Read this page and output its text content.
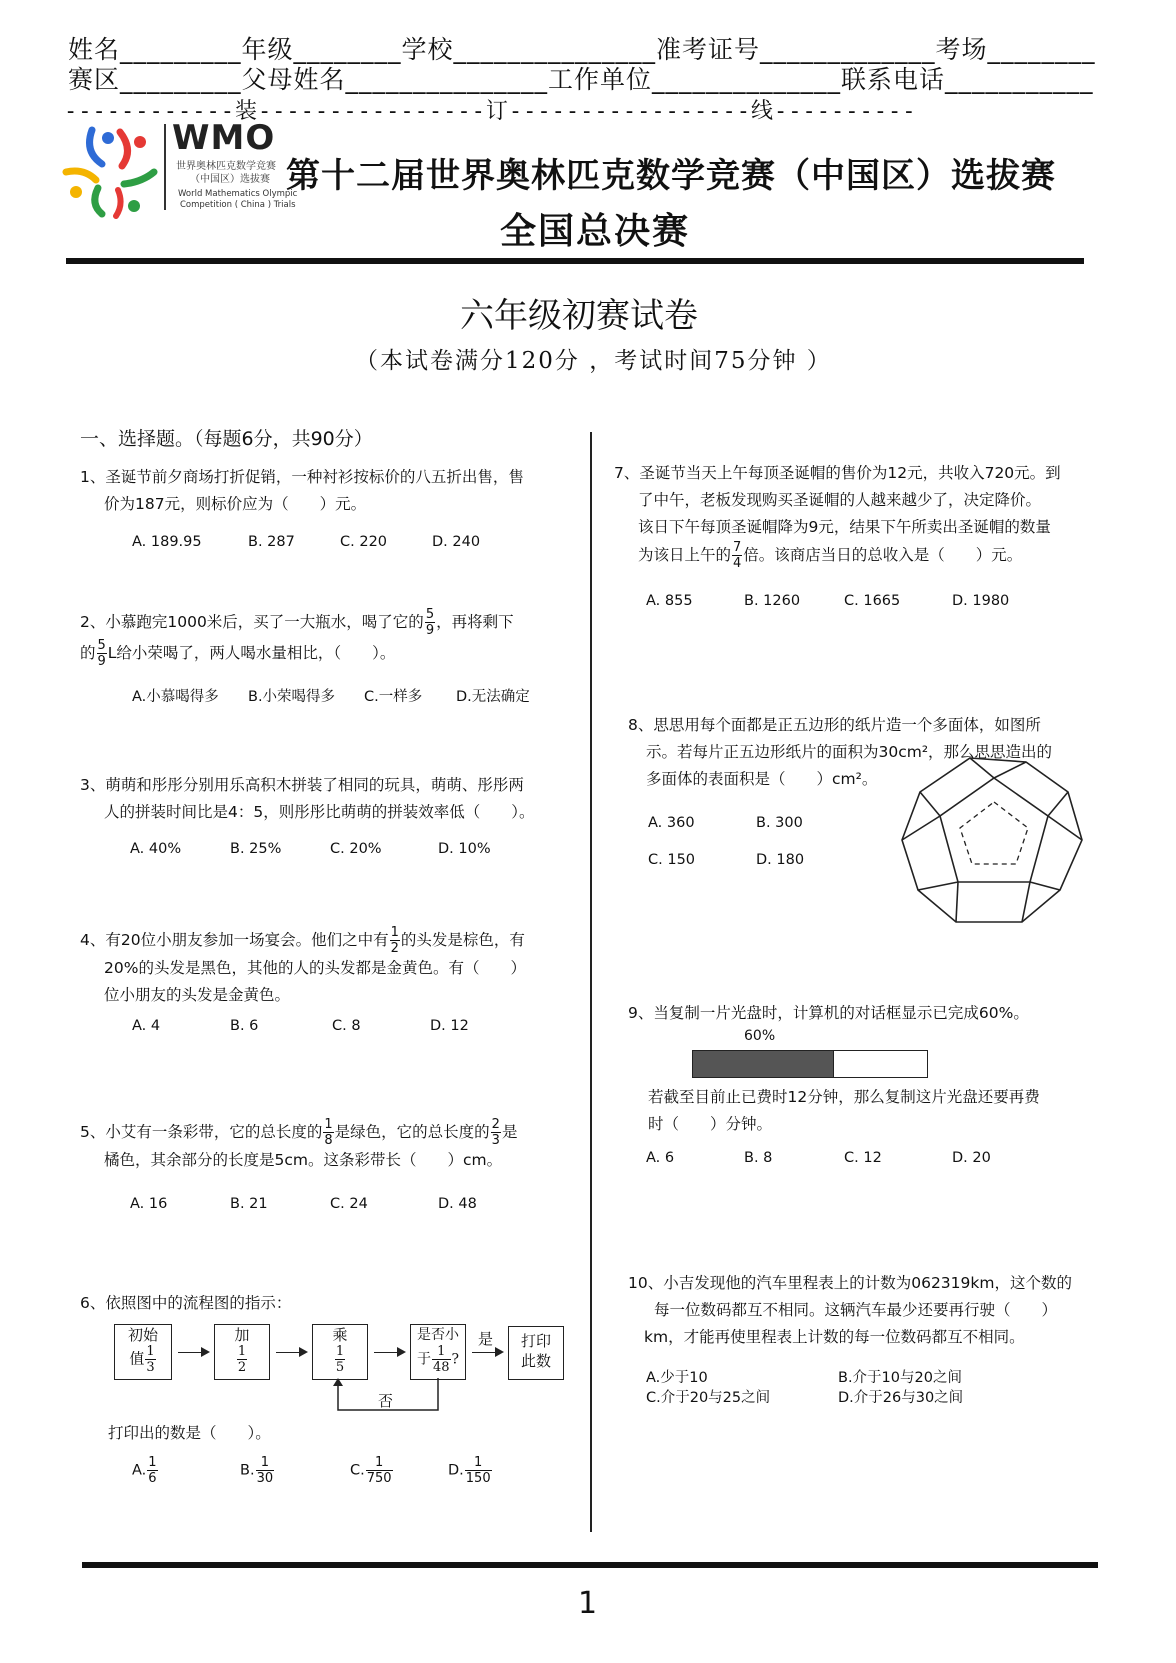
姓名_________年级________学校_______________准考证号_____________考场________
赛区_________父母姓名_______________工作单位______________联系电话___________
------------装----------------订-----------------线----------
WMO
世界奥林匹克数学竞赛
（中国区）选拔赛
World Mathematics Olympic
Competition ( China ) Trials
第十二届世界奥林匹克数学竞赛（中国区）选拔赛
全国总决赛
六年级初赛试卷
（本试卷满分120分 ，考试时间75分钟 ）
一、选择题。（每题6分，共90分）
1、圣诞节前夕商场打折促销，一种衬衫按标价的八五折出售，售
价为187元，则标价应为（　　）元。
A. 189.95	B. 287	C. 220	D. 240
2、小慕跑完1000米后，买了一大瓶水，喝了它的 $\frac{5}{9}$ ，再将剩下
的 $\frac{5}{9}$ L给小荣喝了，两人喝水量相比，（　　）。
A.小慕喝得多 B.小荣喝得多 C.一样多 D.无法确定
3、萌萌和彤彤分别用乐高积木拼装了相同的玩具，萌萌、彤彤两
人的拼装时间比是4：5，则彤彤比萌萌的拼装效率低（　　）。
A. 40%	B. 25%	C. 20%	D. 10%
4、有20位小朋友参加一场宴会。他们之中有 $\frac{1}{2}$ 的头发是棕色，有
20%的头发是黑色，其他的人的头发都是金黄色。有（　　）
位小朋友的头发是金黄色。
A. 4	B. 6	C. 8	D. 12
5、小艾有一条彩带，它的总长度的 $\frac{1}{8}$ 是绿色，它的总长度的 $\frac{2}{3}$ 是
橘色，其余部分的长度是5cm。这条彩带长（　　）cm。
A. 16	B. 21	C. 24	D. 48
6、依照图中的流程图的指示：
初始
值 $\frac{1}{3}$
加
$\frac{1}{2}$
乘
$\frac{1}{5}$
是否小
于 $\frac{1}{48}$ ?
是	打印
此数
否
打印出的数是（　　）。
A. $\frac{1}{6}$	B. $\frac{1}{30}$	C. $\frac{1}{750}$	D. $\frac{1}{150}$
7、圣诞节当天上午每顶圣诞帽的售价为12元，共收入720元。到
了中午，老板发现购买圣诞帽的人越来越少了，决定降价。
该日下午每顶圣诞帽降为9元，结果下午所卖出圣诞帽的数量
为该日上午的 $\frac{7}{4}$ 倍。该商店当日的总收入是（　　）元。
A. 855	B. 1260	C. 1665	D. 1980
8、思思用每个面都是正五边形的纸片造一个多面体，如图所
示。若每片正五边形纸片的面积为30cm²，那么思思造出的
多面体的表面积是（　　）cm²。
A. 360	B. 300
C. 150	D. 180
9、当复制一片光盘时，计算机的对话框显示已完成60%。
60%
若截至目前止已费时12分钟，那么复制这片光盘还要再费
时（　　）分钟。
A. 6	B. 8	C. 12	D. 20
10、小吉发现他的汽车里程表上的计数为062319km，这个数的
每一位数码都互不相同。这辆汽车最少还要再行驶（　　）
km，才能再使里程表上计数的每一位数码都互不相同。
A.少于10	B.介于10与20之间
C.介于20与25之间	D.介于26与30之间
1
